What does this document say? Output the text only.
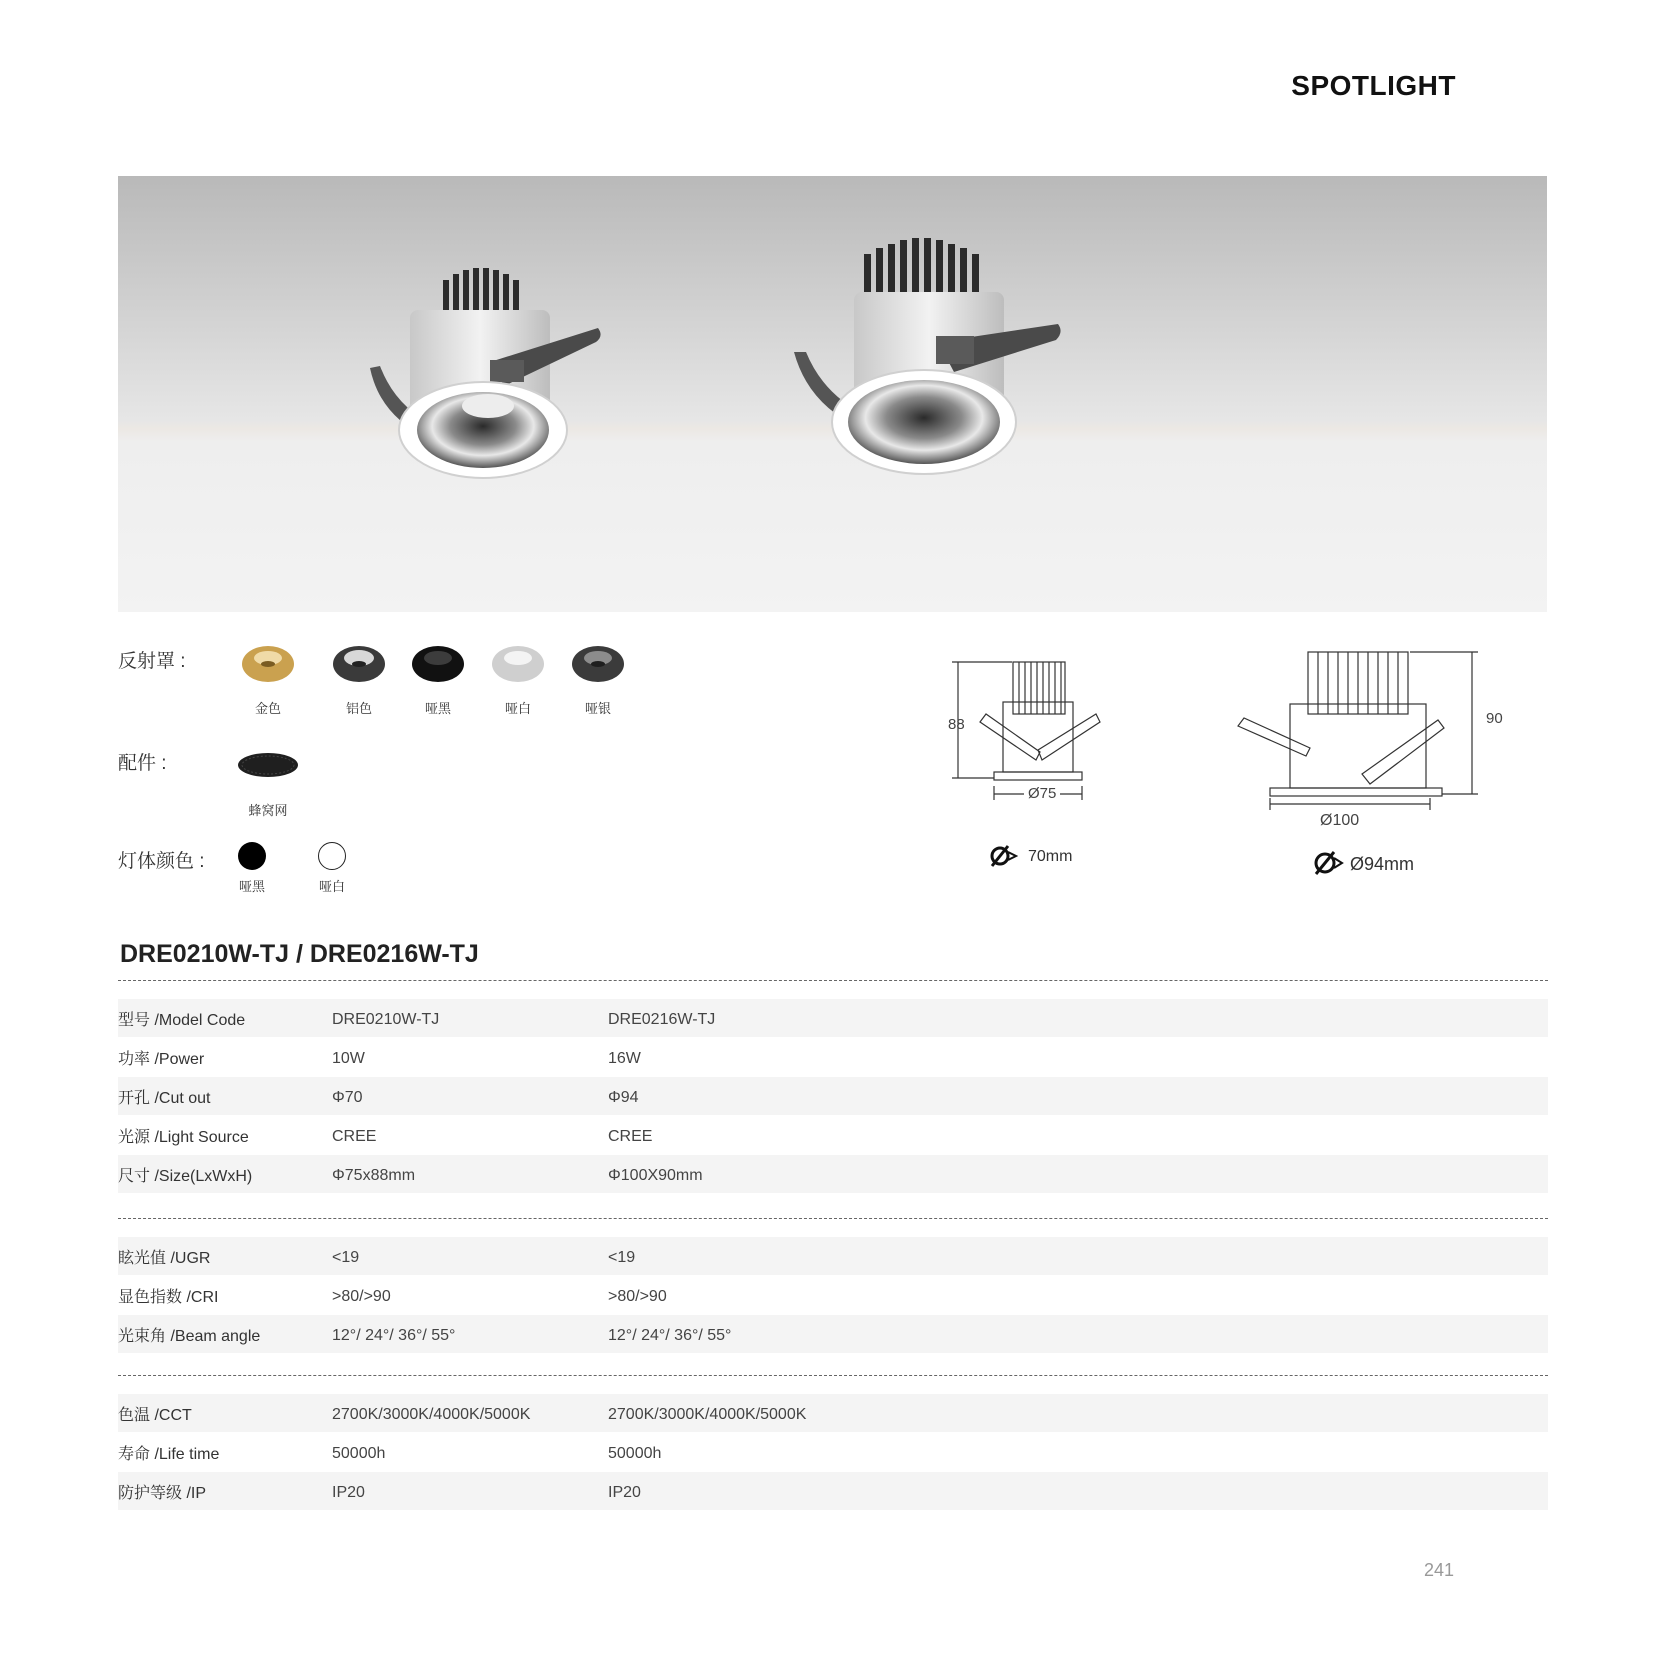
SPOTLIGHT
反射罩 :
金色	铝色	哑黑	哑白	哑银
配件 :
蜂窝网
灯体颜色 :
哑黑	哑白
88
Ø75
70mm
90
Ø100
Ø94mm
DRE0210W-TJ / DRE0216W-TJ
型号 /Model Code	DRE0210W-TJ	DRE0216W-TJ
功率 /Power	10W	16W
开孔 /Cut out	Φ70	Φ94
光源 /Light Source	CREE	CREE
尺寸 /Size(LxWxH)	Φ75x88mm	Φ100X90mm
眩光值 /UGR	<19	<19
显色指数 /CRI	>80/>90	>80/>90
光束角 /Beam angle	12°/ 24°/ 36°/ 55°	12°/ 24°/ 36°/ 55°
色温 /CCT	2700K/3000K/4000K/5000K	2700K/3000K/4000K/5000K
寿命 /Life time	50000h	50000h
防护等级 /IP	IP20	IP20
241
